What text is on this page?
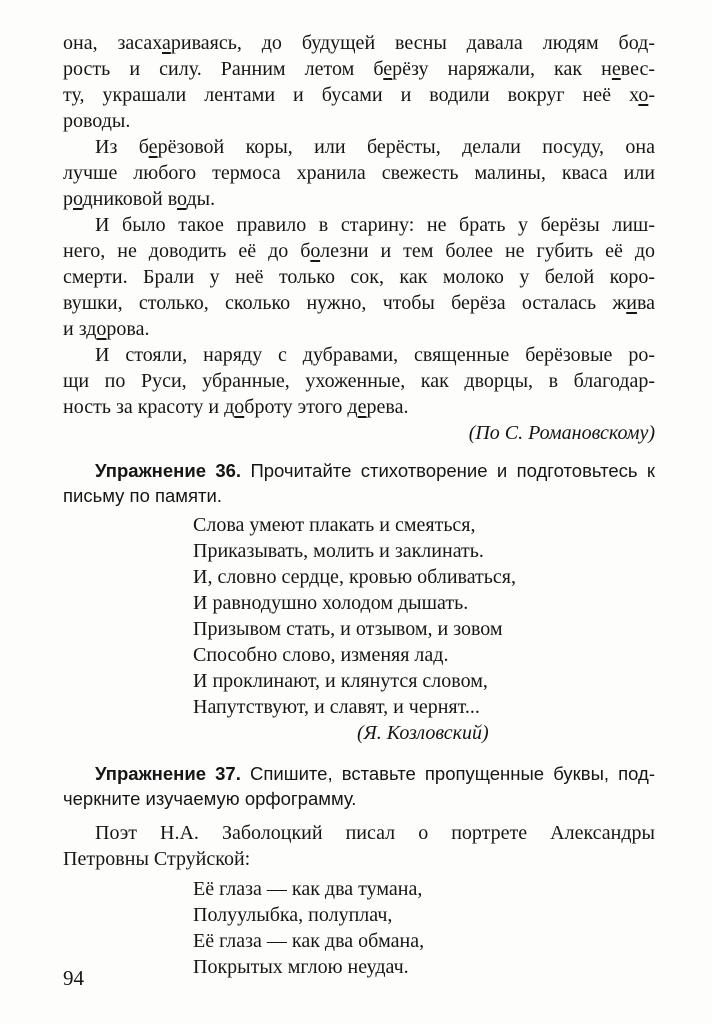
она, засахариваясь, до будущей весны давала людям бод-
рость и силу. Ранним летом берёзу наряжали, как невес-
ту, украшали лентами и бусами и водили вокруг неё хо-
роводы.
Из берёзовой коры, или берёсты, делали посуду, она
лучше любого термоса хранила свежесть малины, кваса или
родниковой воды.
И было такое правило в старину: не брать у берёзы лиш-
него, не доводить её до болезни и тем более не губить её до
смерти. Брали у неё только сок, как молоко у белой коро-
вушки, столько, сколько нужно, чтобы берёза осталась жива
и здорова.
И стояли, наряду с дубравами, священные берёзовые ро-
щи по Руси, убранные, ухоженные, как дворцы, в благодар-
ность за красоту и доброту этого дерева.
(По С. Романовскому)
Упражнение 36. Прочитайте стихотворение и подготовьтесь к
письму по памяти.
Слова умеют плакать и смеяться,
Приказывать, молить и заклинать.
И, словно сердце, кровью обливаться,
И равнодушно холодом дышать.
Призывом стать, и отзывом, и зовом
Способно слово, изменяя лад.
И проклинают, и клянутся словом,
Напутствуют, и славят, и чернят...
(Я. Козловский)
Упражнение 37. Спишите, вставьте пропущенные буквы, под-
черкните изучаемую орфограмму.
Поэт Н.А. Заболоцкий писал о портрете Александры
Петровны Струйской:
Её глаза — как два тумана,
Полуулыбка, полуплач,
Её глаза — как два обмана,
Покрытых мглою неудач.
94
